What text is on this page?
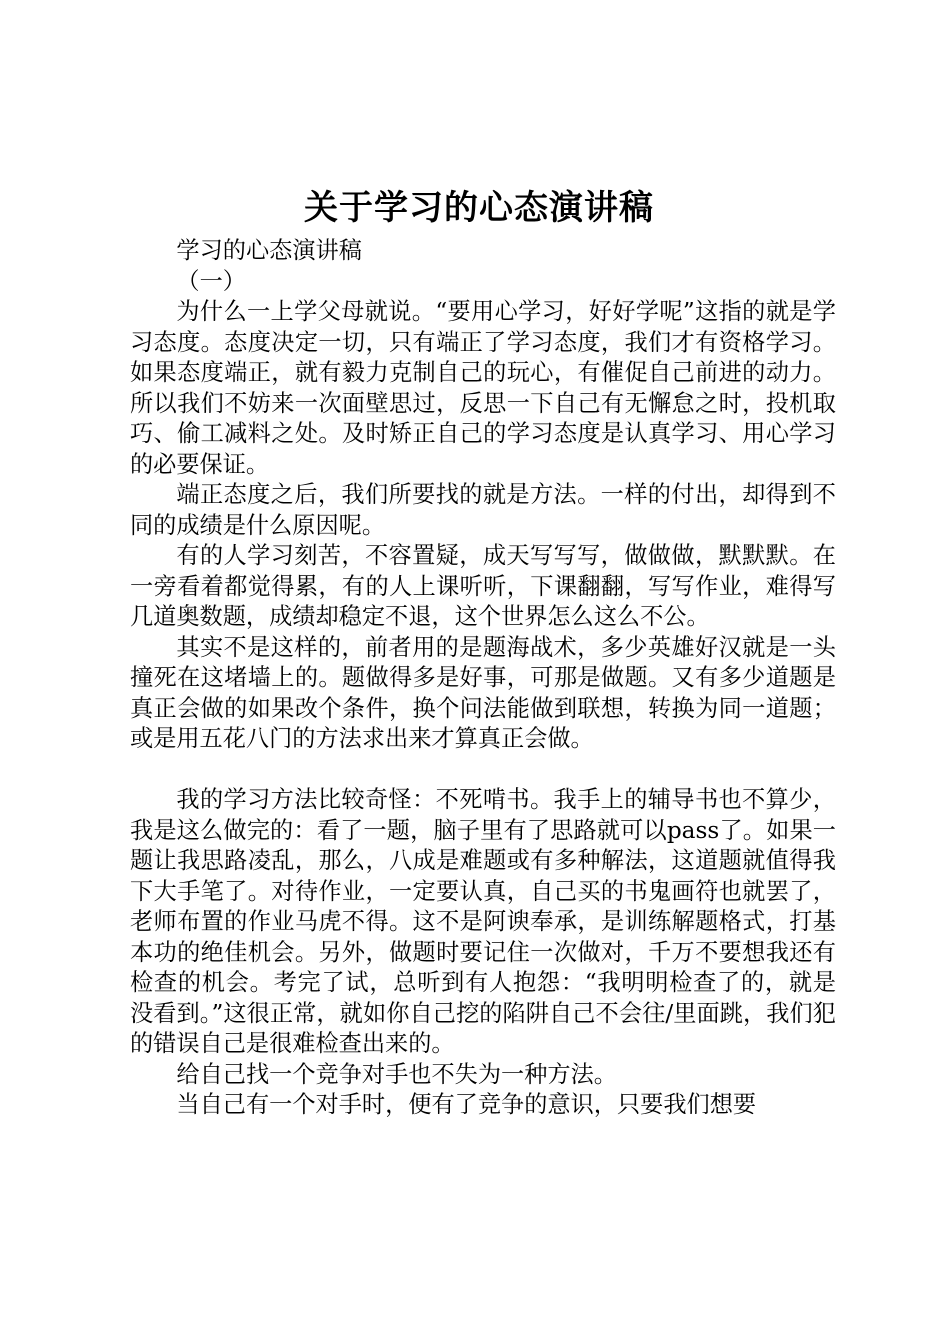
关于学习的心态演讲稿

学习的心态演讲稿

（一）

为什么一上学父母就说。“要用心学习，好好学呢”这指的就是学习态度。态度决定一切，只有端正了学习态度，我们才有资格学习。如果态度端正，就有毅力克制自己的玩心，有催促自己前进的动力。所以我们不妨来一次面壁思过，反思一下自己有无懈怠之时，投机取巧、偷工减料之处。及时矫正自己的学习态度是认真学习、用心学习的必要保证。

端正态度之后，我们所要找的就是方法。一样的付出，却得到不同的成绩是什么原因呢。

有的人学习刻苦，不容置疑，成天写写写，做做做，默默默。在一旁看着都觉得累，有的人上课听听，下课翻翻，写写作业，难得写几道奥数题，成绩却稳定不退，这个世界怎么这么不公。

其实不是这样的，前者用的是题海战术，多少英雄好汉就是一头撞死在这堵墙上的。题做得多是好事，可那是做题。又有多少道题是真正会做的如果改个条件，换个问法能做到联想，转换为同一道题；或是用五花八门的方法求出来才算真正会做。

我的学习方法比较奇怪：不死啃书。我手上的辅导书也不算少，我是这么做完的：看了一题，脑子里有了思路就可以pass了。如果一题让我思路凌乱，那么，八成是难题或有多种解法，这道题就值得我下大手笔了。对待作业，一定要认真，自己买的书鬼画符也就罢了，老师布置的作业马虎不得。这不是阿谀奉承，是训练解题格式，打基本功的绝佳机会。另外，做题时要记住一次做对，千万不要想我还有检查的机会。考完了试，总听到有人抱怨：“我明明检查了的，就是没看到。”这很正常，就如你自己挖的陷阱自己不会往/里面跳，我们犯的错误自己是很难检查出来的。

给自己找一个竞争对手也不失为一种方法。

当自己有一个对手时，便有了竞争的意识，只要我们想要
